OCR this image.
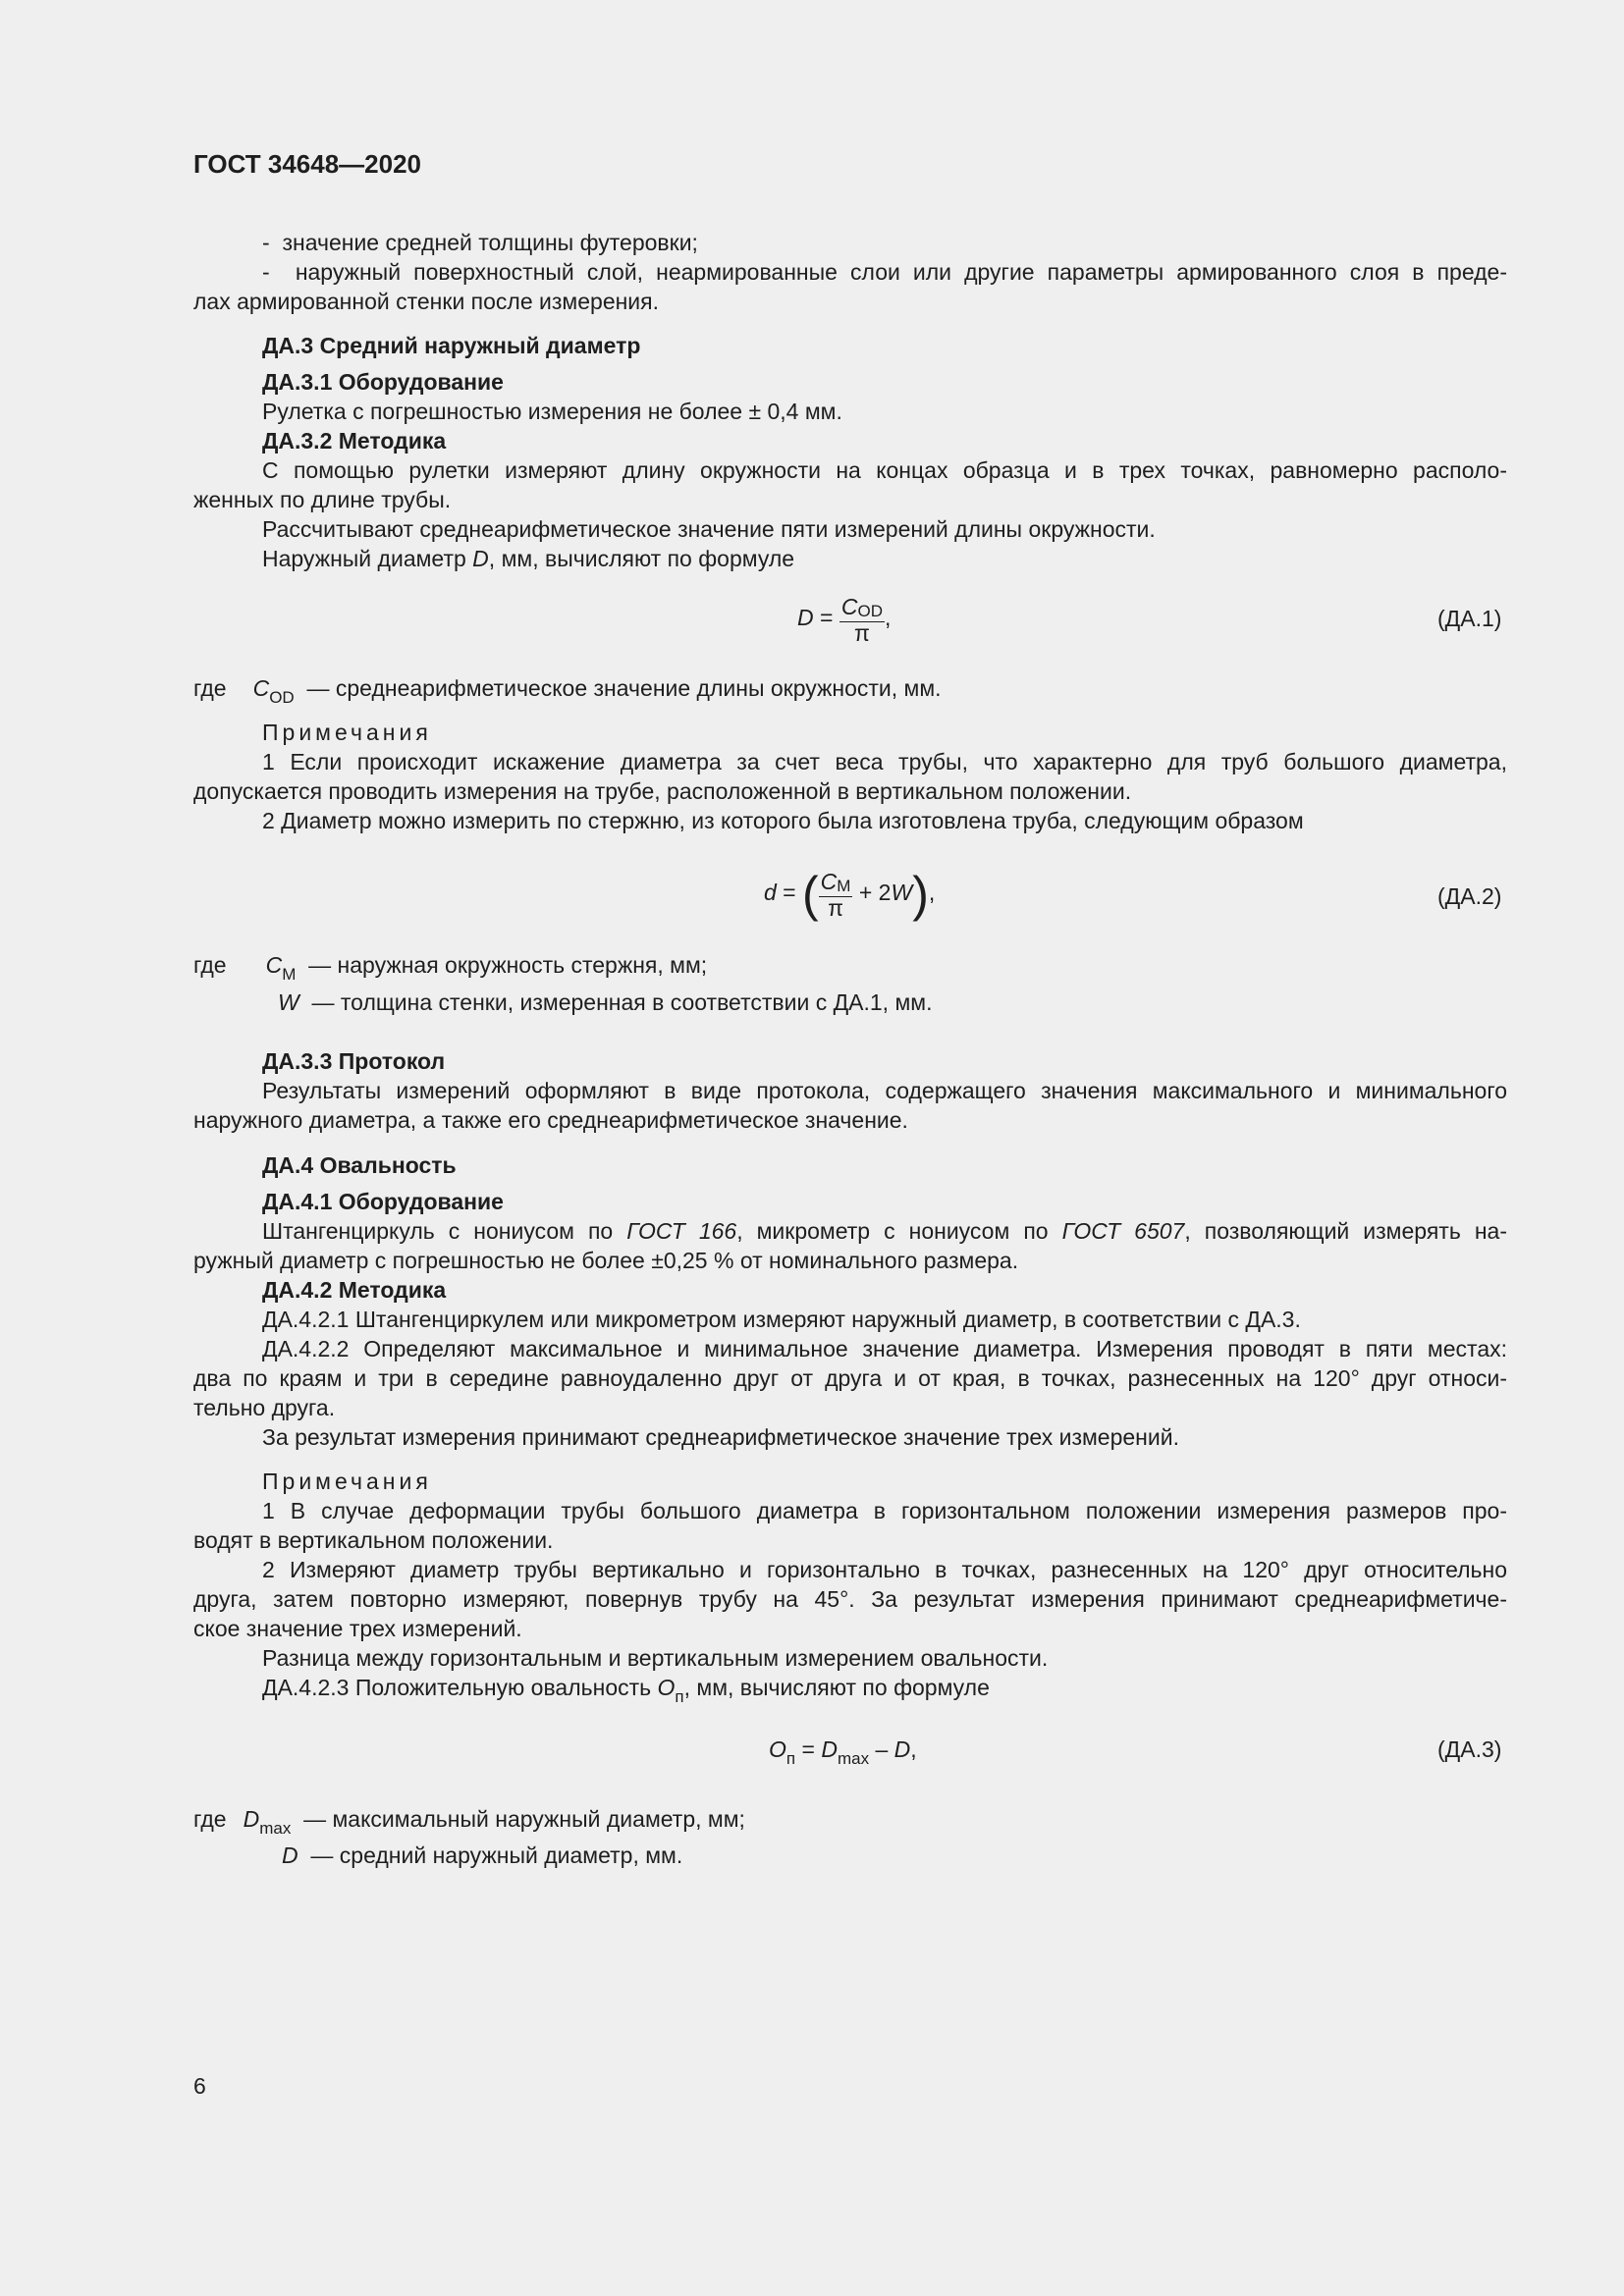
ГОСТ 34648—2020
-  значение средней толщины футеровки;
-  наружный поверхностный слой, неармированные слои или другие параметры армированного слоя в преде-
лах армированной стенки после измерения.
ДА.3 Средний наружный диаметр
ДА.3.1 Оборудование
Рулетка с погрешностью измерения не более ± 0,4 мм.
ДА.3.2 Методика
С помощью рулетки измеряют длину окружности на концах образца и в трех точках, равномерно располо-
женных по длине трубы.
Рассчитывают среднеарифметическое значение пяти измерений длины окружности.
Наружный диаметр D, мм, вычисляют по формуле
$D = \frac{\text{COD}}{\pi}$ ,	(ДА.1)
где $C_{OD}$ — среднеарифметическое значение длины окружности, мм.
Примечания
1 Если происходит искажение диаметра за счет веса трубы, что характерно для труб большого диаметра,
допускается проводить измерения на трубе, расположенной в вертикальном положении.
2 Диаметр можно измерить по стержню, из которого была изготовлена труба, следующим образом
d = ( $\frac{CM}{\pi} + 2W$),	(ДА.2)
где $C_M$ — наружная окружность стержня, мм;
W — толщина стенки, измеренная в соответствии с ДА.1, мм.
ДА.3.3 Протокол
Результаты измерений оформляют в виде протокола, содержащего значения максимального и минимального
наружного диаметра, а также его среднеарифметическое значение.
ДА.4 Овальность
ДА.4.1 Оборудование
Штангенциркуль с нониусом по ГОСТ 166, микрометр с нониусом по ГОСТ 6507, позволяющий измерять на-
ружный диаметр с погрешностью не более ±0,25 % от номинального размера.
ДА.4.2 Методика
ДА.4.2.1 Штангенциркулем или микрометром измеряют наружный диаметр, в соответствии с ДА.3.
ДА.4.2.2 Определяют максимальное и минимальное значение диаметра. Измерения проводят в пяти местах:
два по краям и три в середине равноудаленно друг от друга и от края, в точках, разнесенных на 120° друг относи-
тельно друга.
За результат измерения принимают среднеарифметическое значение трех измерений.
Примечания
1 В случае деформации трубы большого диаметра в горизонтальном положении измерения размеров про-
водят в вертикальном положении.
2 Измеряют диаметр трубы вертикально и горизонтально в точках, разнесенных на 120° друг относительно
друга, затем повторно измеряют, повернув трубу на 45°. За результат измерения принимают среднеарифметиче-
ское значение трех измерений.
Разница между горизонтальным и вертикальным измерением овальности.
ДА.4.2.3 Положительную овальность $O_п$, мм, вычисляют по формуле
$O_п = D_{max} - D$,	(ДА.3)
где $D_{max}$ — максимальный наружный диаметр, мм;
D — средний наружный диаметр, мм.
6
